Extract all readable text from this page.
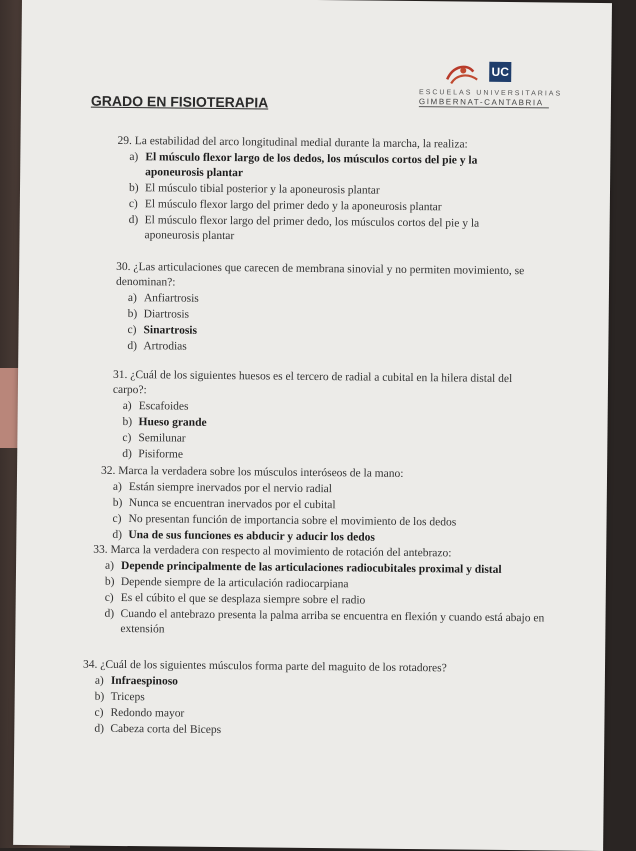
GRADO EN FISIOTERAPIA
UC
ESCUELAS UNIVERSITARIAS
GIMBERNAT-CANTABRIA

29. La estabilidad del arco longitudinal medial durante la marcha, la realiza:

a) El músculo flexor largo de los dedos, los músculos cortos del pie y la aponeurosis plantar
b) El músculo tibial posterior y la aponeurosis plantar
c) El músculo flexor largo del primer dedo y la aponeurosis plantar
d) El músculo flexor largo del primer dedo, los músculos cortos del pie y la aponeurosis plantar

30. ¿Las articulaciones que carecen de membrana sinovial y no permiten movimiento, se denominan?:

a) Anfiartrosis
b) Diartrosis
c) Sinartrosis
d) Artrodias

31. ¿Cuál de los siguientes huesos es el tercero de radial a cubital en la hilera distal del carpo?:

a) Escafoides
b) Hueso grande
c) Semilunar
d) Pisiforme

32. Marca la verdadera sobre los músculos interóseos de la mano:

a) Están siempre inervados por el nervio radial
b) Nunca se encuentran inervados por el cubital
c) No presentan función de importancia sobre el movimiento de los dedos
d) Una de sus funciones es abducir y aducir los dedos

33. Marca la verdadera con respecto al movimiento de rotación del antebrazo:

a) Depende principalmente de las articulaciones radiocubitales proximal y distal
b) Depende siempre de la articulación radiocarpiana
c) Es el cúbito el que se desplaza siempre sobre el radio
d) Cuando el antebrazo presenta la palma arriba se encuentra en flexión y cuando está abajo en extensión

34. ¿Cuál de los siguientes músculos forma parte del maguito de los rotadores?

a) Infraespinoso
b) Triceps
c) Redondo mayor
d) Cabeza corta del Biceps
